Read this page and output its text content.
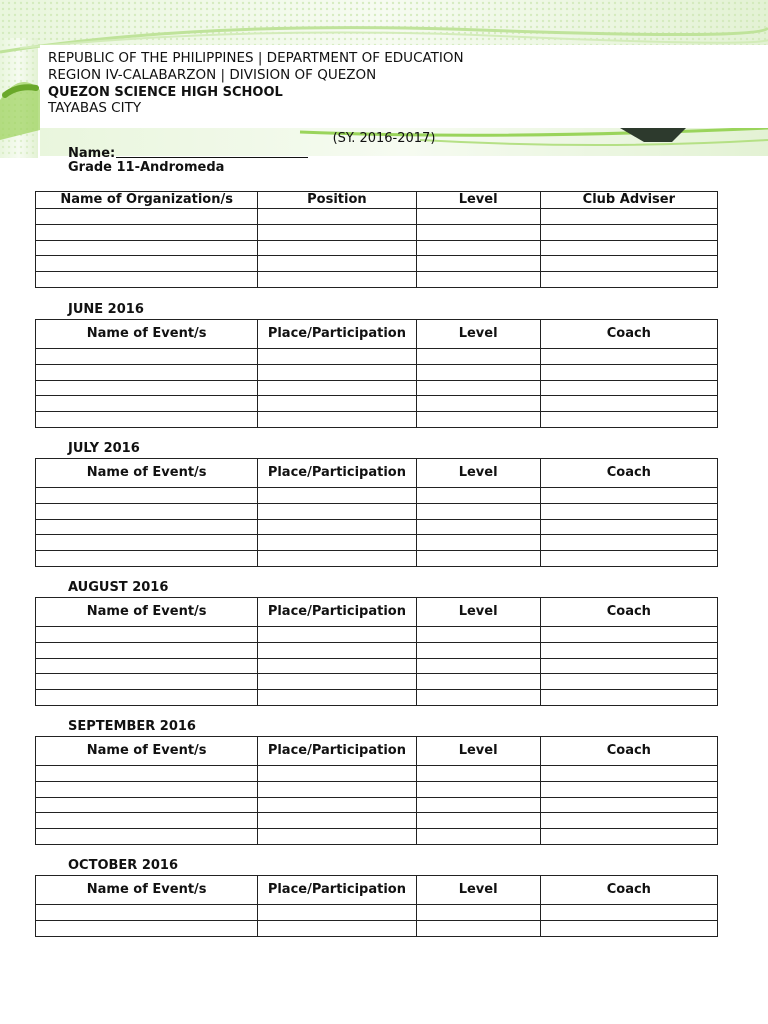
REPUBLIC OF THE PHILIPPINES | DEPARTMENT OF EDUCATION
REGION IV-CALABARZON | DIVISION OF QUEZON
QUEZON SCIENCE HIGH SCHOOL
TAYABAS CITY
(SY. 2016-2017)
Name:
Grade 11-Andromeda
Name of Organization/s	Position	Level	Club Adviser

JUNE 2016
Name of Event/s	Place/Participation	Level	Coach

JULY 2016
Name of Event/s	Place/Participation	Level	Coach

AUGUST 2016
Name of Event/s	Place/Participation	Level	Coach

SEPTEMBER 2016
Name of Event/s	Place/Participation	Level	Coach

OCTOBER 2016
Name of Event/s	Place/Participation	Level	Coach
